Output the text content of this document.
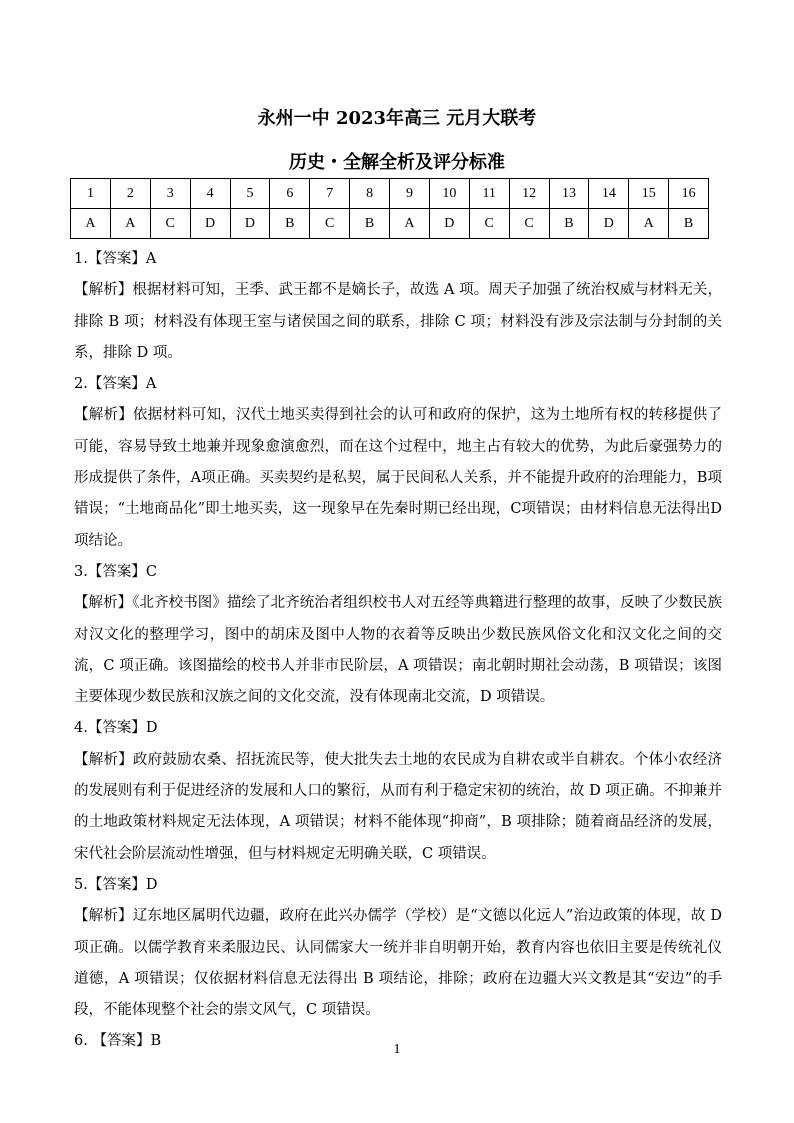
永州一中 2023年高三 元月大联考
历史・全解全析及评分标准
1	2	3	4	5	6	7	8	9	10	11	12	13	14	15	16
A	A	C	D	D	B	C	B	A	D	C	C	B	D	A	B

1.【答案】A

【解析】根据材料可知，王季、武王都不是嫡长子，故选 A 项。周天子加强了统治权威与材料无关，排除 B 项；材料没有体现王室与诸侯国之间的联系，排除 C 项；材料没有涉及宗法制与分封制的关系，排除 D 项。

2.【答案】A

【解析】依据材料可知，汉代土地买卖得到社会的认可和政府的保护，这为土地所有权的转移提供了可能，容易导致土地兼并现象愈演愈烈，而在这个过程中，地主占有较大的优势，为此后豪强势力的形成提供了条件，A项正确。买卖契约是私契，属于民间私人关系，并不能提升政府的治理能力，B项错误；“土地商品化”即土地买卖，这一现象早在先秦时期已经出现，C项错误；由材料信息无法得出D项结论。

3.【答案】C

【解析】《北齐校书图》描绘了北齐统治者组织校书人对五经等典籍进行整理的故事，反映了少数民族对汉文化的整理学习，图中的胡床及图中人物的衣着等反映出少数民族风俗文化和汉文化之间的交流，C 项正确。该图描绘的校书人并非市民阶层，A 项错误；南北朝时期社会动荡，B 项错误；该图主要体现少数民族和汉族之间的文化交流，没有体现南北交流，D 项错误。

4.【答案】D

【解析】政府鼓励农桑、招抚流民等，使大批失去土地的农民成为自耕农或半自耕农。个体小农经济的发展则有利于促进经济的发展和人口的繁衍，从而有利于稳定宋初的统治，故 D 项正确。不抑兼并的土地政策材料规定无法体现，A 项错误；材料不能体现“抑商”，B 项排除；随着商品经济的发展，宋代社会阶层流动性增强，但与材料规定无明确关联，C 项错误。

5.【答案】D

【解析】辽东地区属明代边疆，政府在此兴办儒学（学校）是“文德以化远人”治边政策的体现，故 D 项正确。以儒学教育来柔服边民、认同儒家大一统并非自明朝开始，教育内容也依旧主要是传统礼仪道德，A 项错误；仅依据材料信息无法得出 B 项结论，排除；政府在边疆大兴文教是其“安边”的手段，不能体现整个社会的崇文风气，C 项错误。

6. 【答案】B

1
